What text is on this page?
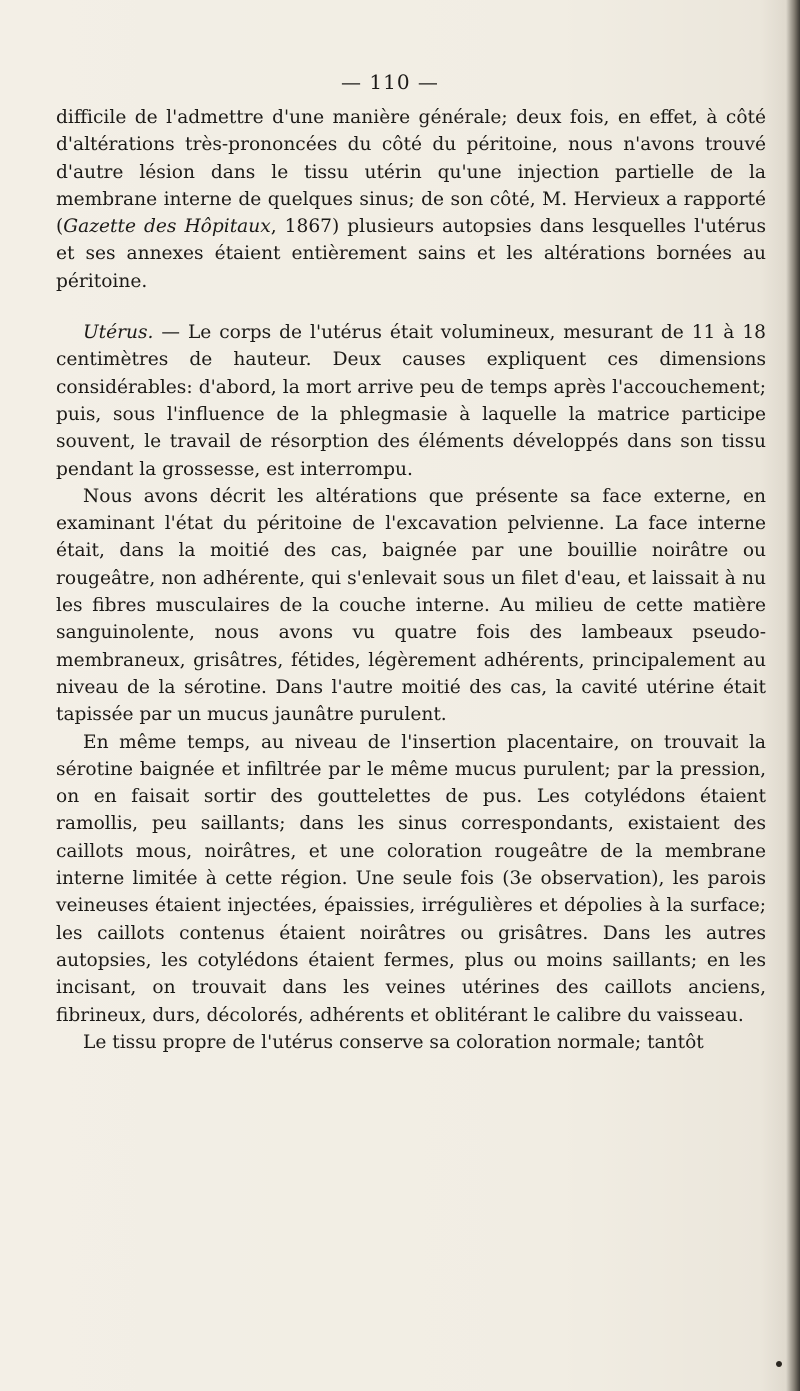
— 110 —

difficile de l'admettre d'une manière générale; deux fois, en effet, à côté d'altérations très-prononcées du côté du péritoine, nous n'avons trouvé d'autre lésion dans le tissu utérin qu'une injection partielle de la membrane interne de quelques sinus; de son côté, M. Hervieux a rapporté (Gazette des Hôpitaux, 1867) plusieurs autopsies dans lesquelles l'utérus et ses annexes étaient entièrement sains et les altérations bornées au péritoine.

Utérus. — Le corps de l'utérus était volumineux, mesurant de 11 à 18 centimètres de hauteur. Deux causes expliquent ces dimensions considérables: d'abord, la mort arrive peu de temps après l'accouchement; puis, sous l'influence de la phlegmasie à laquelle la matrice participe souvent, le travail de résorption des éléments développés dans son tissu pendant la grossesse, est interrompu.

Nous avons décrit les altérations que présente sa face externe, en examinant l'état du péritoine de l'excavation pelvienne. La face interne était, dans la moitié des cas, baignée par une bouillie noirâtre ou rougeâtre, non adhérente, qui s'enlevait sous un filet d'eau, et laissait à nu les fibres musculaires de la couche interne. Au milieu de cette matière sanguinolente, nous avons vu quatre fois des lambeaux pseudo-membraneux, grisâtres, fétides, légèrement adhérents, principalement au niveau de la sérotine. Dans l'autre moitié des cas, la cavité utérine était tapissée par un mucus jaunâtre purulent.

En même temps, au niveau de l'insertion placentaire, on trouvait la sérotine baignée et infiltrée par le même mucus purulent; par la pression, on en faisait sortir des gouttelettes de pus. Les cotylédons étaient ramollis, peu saillants; dans les sinus correspondants, existaient des caillots mous, noirâtres, et une coloration rougeâtre de la membrane interne limitée à cette région. Une seule fois (3e observation), les parois veineuses étaient injectées, épaissies, irrégulières et dépolies à la surface; les caillots contenus étaient noirâtres ou grisâtres. Dans les autres autopsies, les cotylédons étaient fermes, plus ou moins saillants; en les incisant, on trouvait dans les veines utérines des caillots anciens, fibrineux, durs, décolorés, adhérents et oblitérant le calibre du vaisseau.

Le tissu propre de l'utérus conserve sa coloration normale; tantôt
